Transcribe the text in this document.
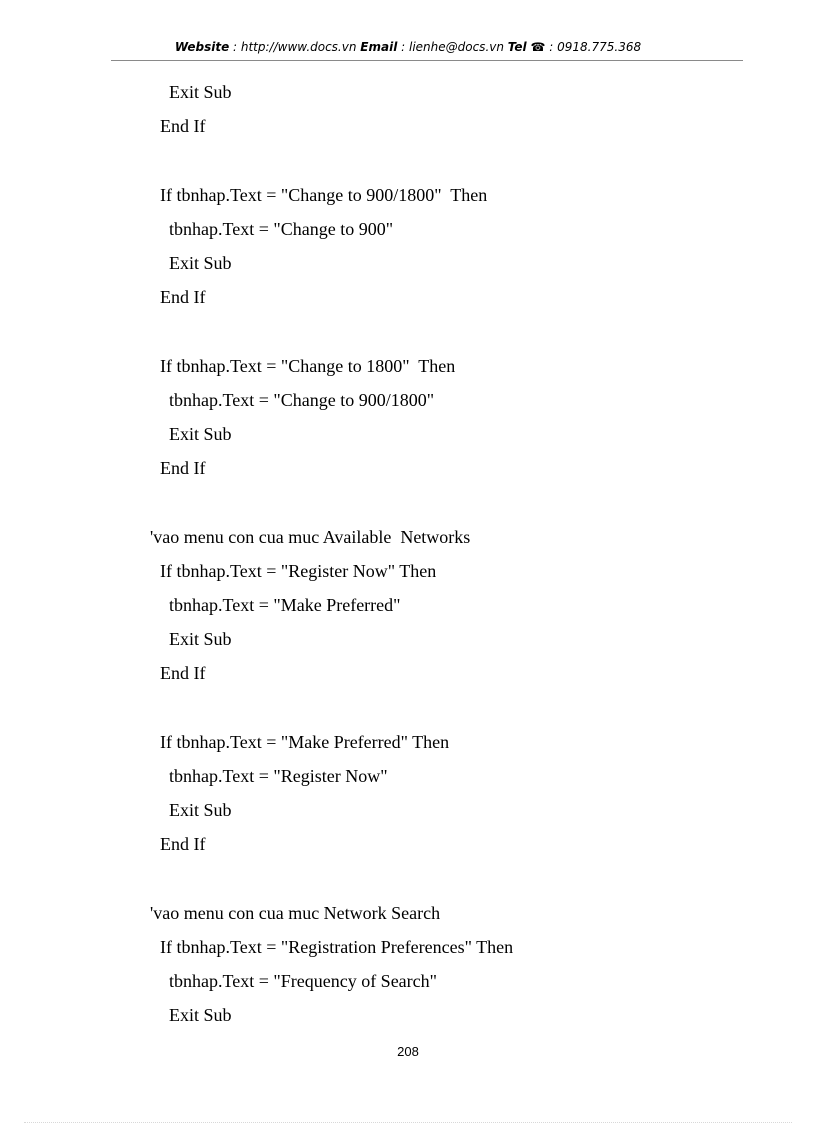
Website : http://www.docs.vn Email : lienhe@docs.vn Tel ☎ : 0918.775.368
Exit Sub
End If
If tbnhap.Text = "Change to 900/1800"  Then
tbnhap.Text = "Change to 900"
Exit Sub
End If
If tbnhap.Text = "Change to 1800"  Then
tbnhap.Text = "Change to 900/1800"
Exit Sub
End If
'vao menu con cua muc Available  Networks
If tbnhap.Text = "Register Now" Then
tbnhap.Text = "Make Preferred"
Exit Sub
End If
If tbnhap.Text = "Make Preferred" Then
tbnhap.Text = "Register Now"
Exit Sub
End If
'vao menu con cua muc Network Search
If tbnhap.Text = "Registration Preferences" Then
tbnhap.Text = "Frequency of Search"
Exit Sub
208
